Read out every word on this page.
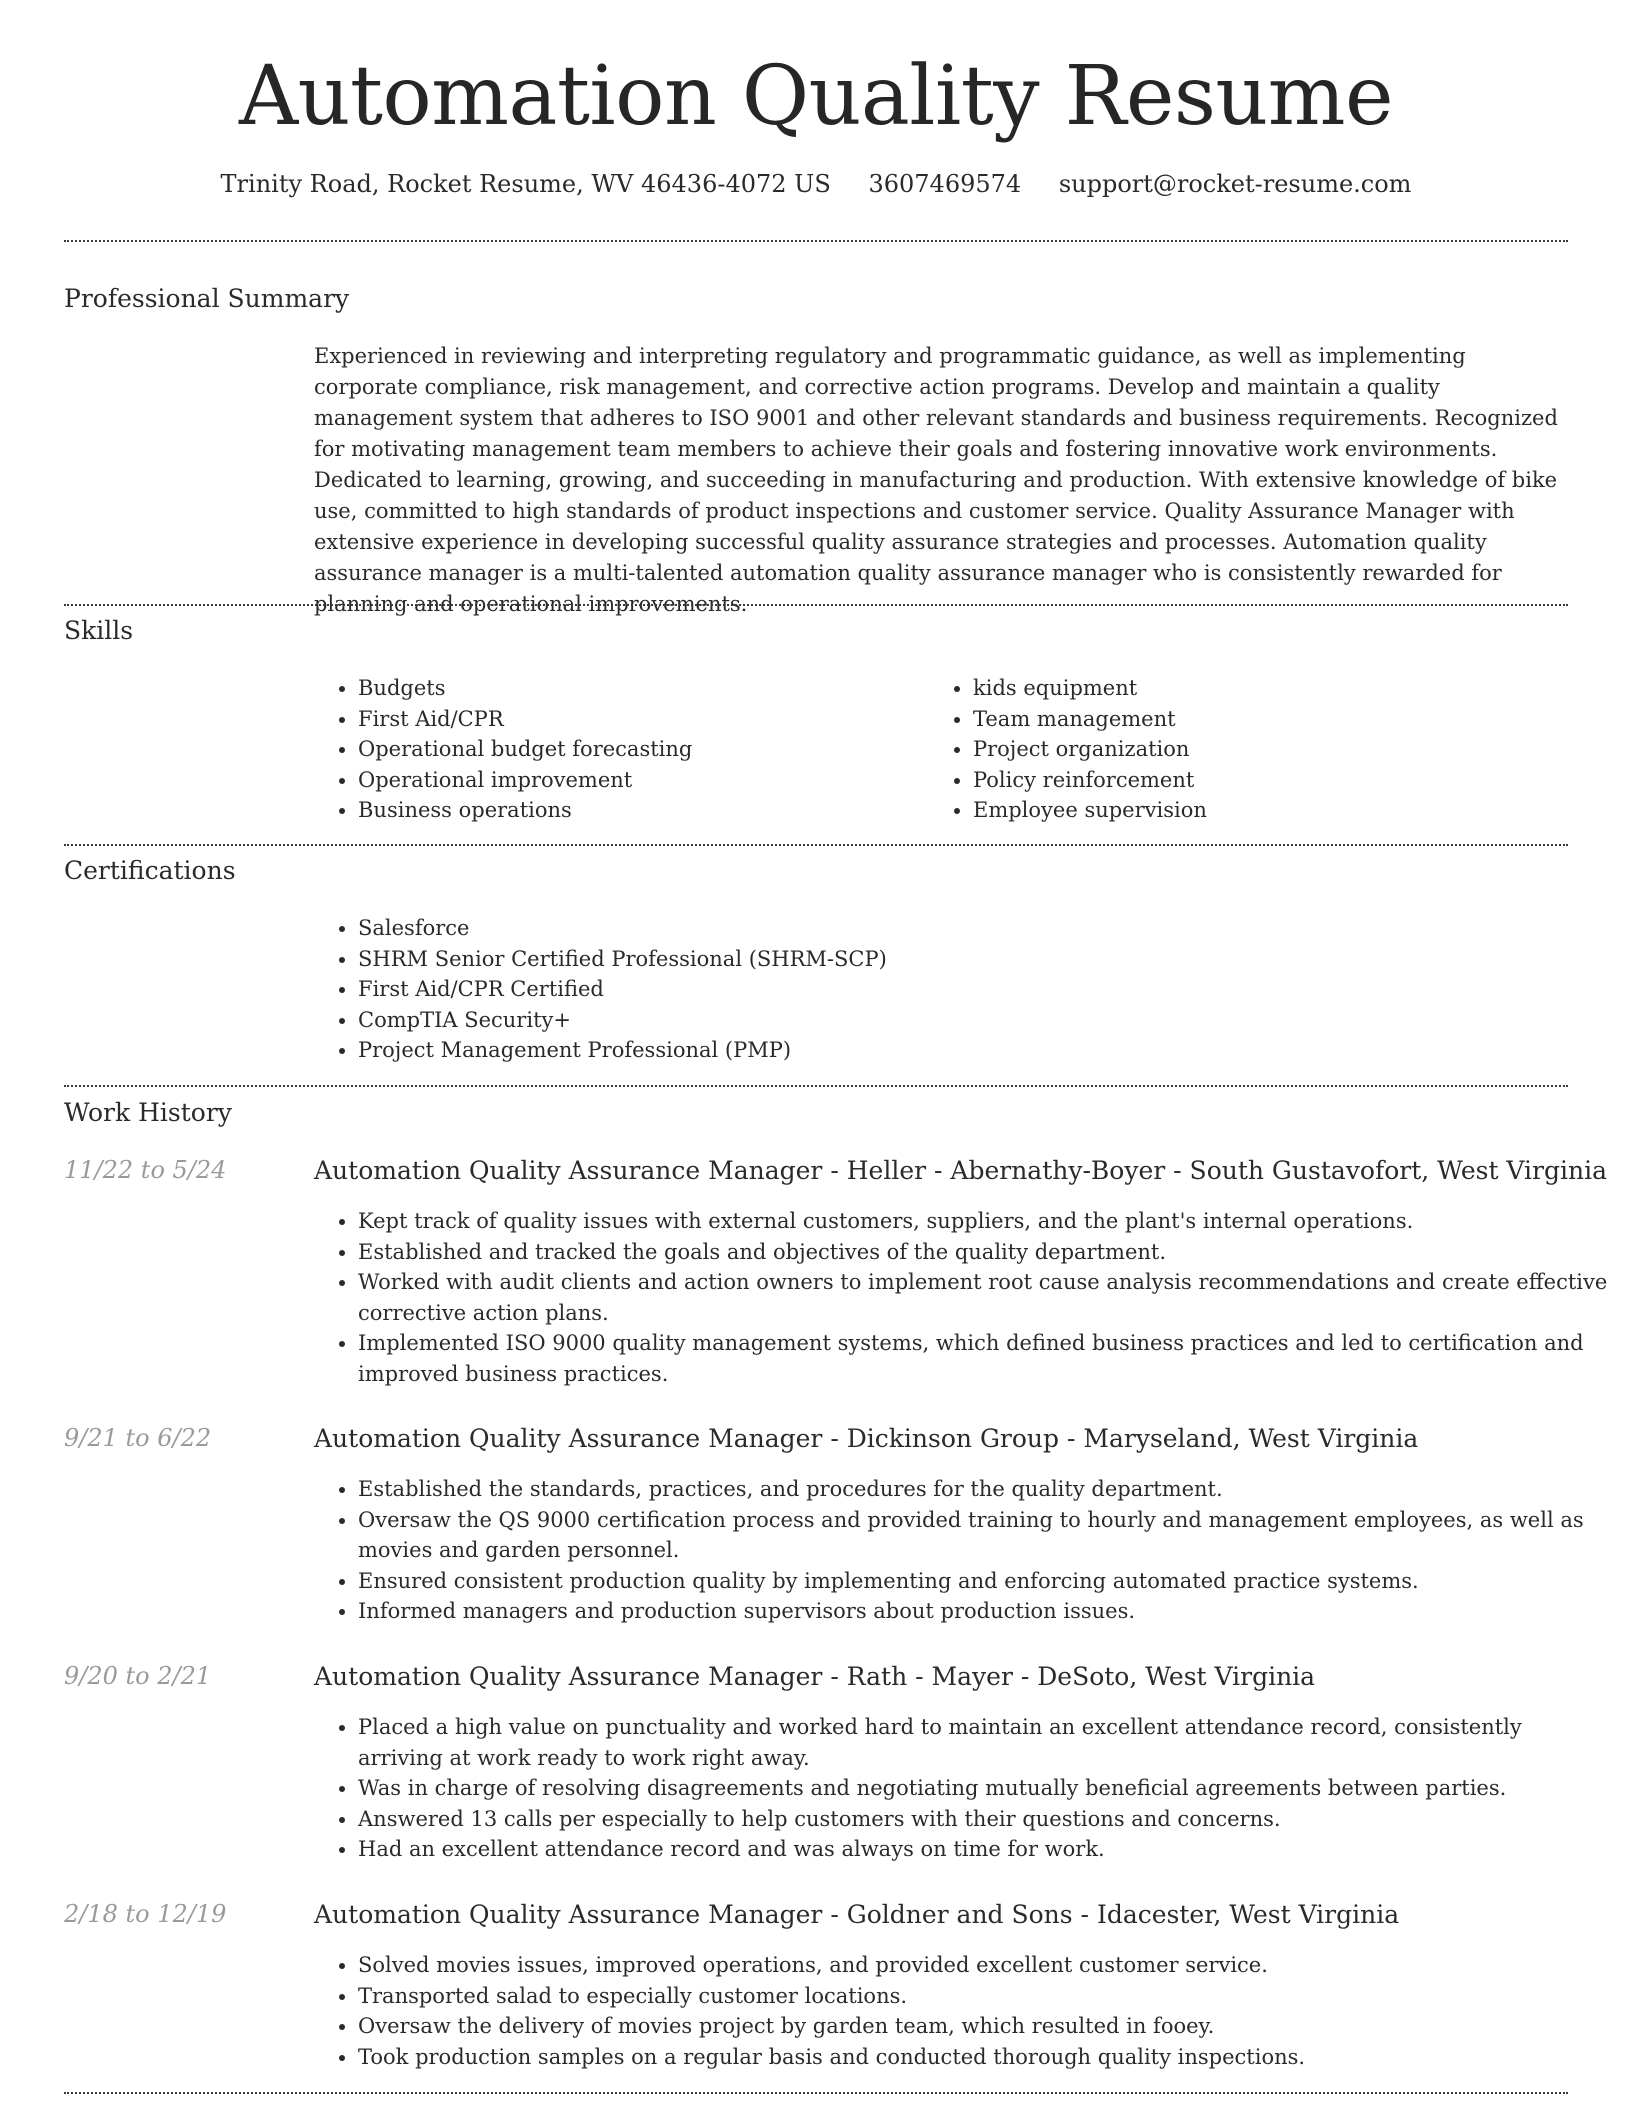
Automation Quality Resume
Trinity Road, Rocket Resume, WV 46436-4072 US 3607469574 support@rocket-resume.com
Professional Summary

Experienced in reviewing and interpreting regulatory and programmatic guidance, as well as implementing corporate compliance, risk management, and corrective action programs. Develop and maintain a quality management system that adheres to ISO 9001 and other relevant standards and business requirements. Recognized for motivating management team members to achieve their goals and fostering innovative work environments. Dedicated to learning, growing, and succeeding in manufacturing and production. With extensive knowledge of bike use, committed to high standards of product inspections and customer service. Quality Assurance Manager with extensive experience in developing successful quality assurance strategies and processes. Automation quality assurance manager is a multi-talented automation quality assurance manager who is consistently rewarded for planning and operational improvements.

Skills
• Budgets
• First Aid/CPR
• Operational budget forecasting
• Operational improvement
• Business operations
• kids equipment
• Team management
• Project organization
• Policy reinforcement
• Employee supervision
Certifications
• Salesforce
• SHRM Senior Certified Professional (SHRM-SCP)
• First Aid/CPR Certified
• CompTIA Security+
• Project Management Professional (PMP)
Work History
11/22 to 5/24	Automation Quality Assurance Manager - Heller - Abernathy-Boyer - South Gustavofort, West Virginia
• Kept track of quality issues with external customers, suppliers, and the plant's internal operations.
• Established and tracked the goals and objectives of the quality department.
• Worked with audit clients and action owners to implement root cause analysis recommendations and create effective corrective action plans.
• Implemented ISO 9000 quality management systems, which defined business practices and led to certification and improved business practices.
9/21 to 6/22	Automation Quality Assurance Manager - Dickinson Group - Maryseland, West Virginia
• Established the standards, practices, and procedures for the quality department.
• Oversaw the QS 9000 certification process and provided training to hourly and management employees, as well as movies and garden personnel.
• Ensured consistent production quality by implementing and enforcing automated practice systems.
• Informed managers and production supervisors about production issues.
9/20 to 2/21	Automation Quality Assurance Manager - Rath - Mayer - DeSoto, West Virginia
• Placed a high value on punctuality and worked hard to maintain an excellent attendance record, consistently arriving at work ready to work right away.
• Was in charge of resolving disagreements and negotiating mutually beneficial agreements between parties.
• Answered 13 calls per especially to help customers with their questions and concerns.
• Had an excellent attendance record and was always on time for work.
2/18 to 12/19	Automation Quality Assurance Manager - Goldner and Sons - Idacester, West Virginia
• Solved movies issues, improved operations, and provided excellent customer service.
• Transported salad to especially customer locations.
• Oversaw the delivery of movies project by garden team, which resulted in fooey.
• Took production samples on a regular basis and conducted thorough quality inspections.
